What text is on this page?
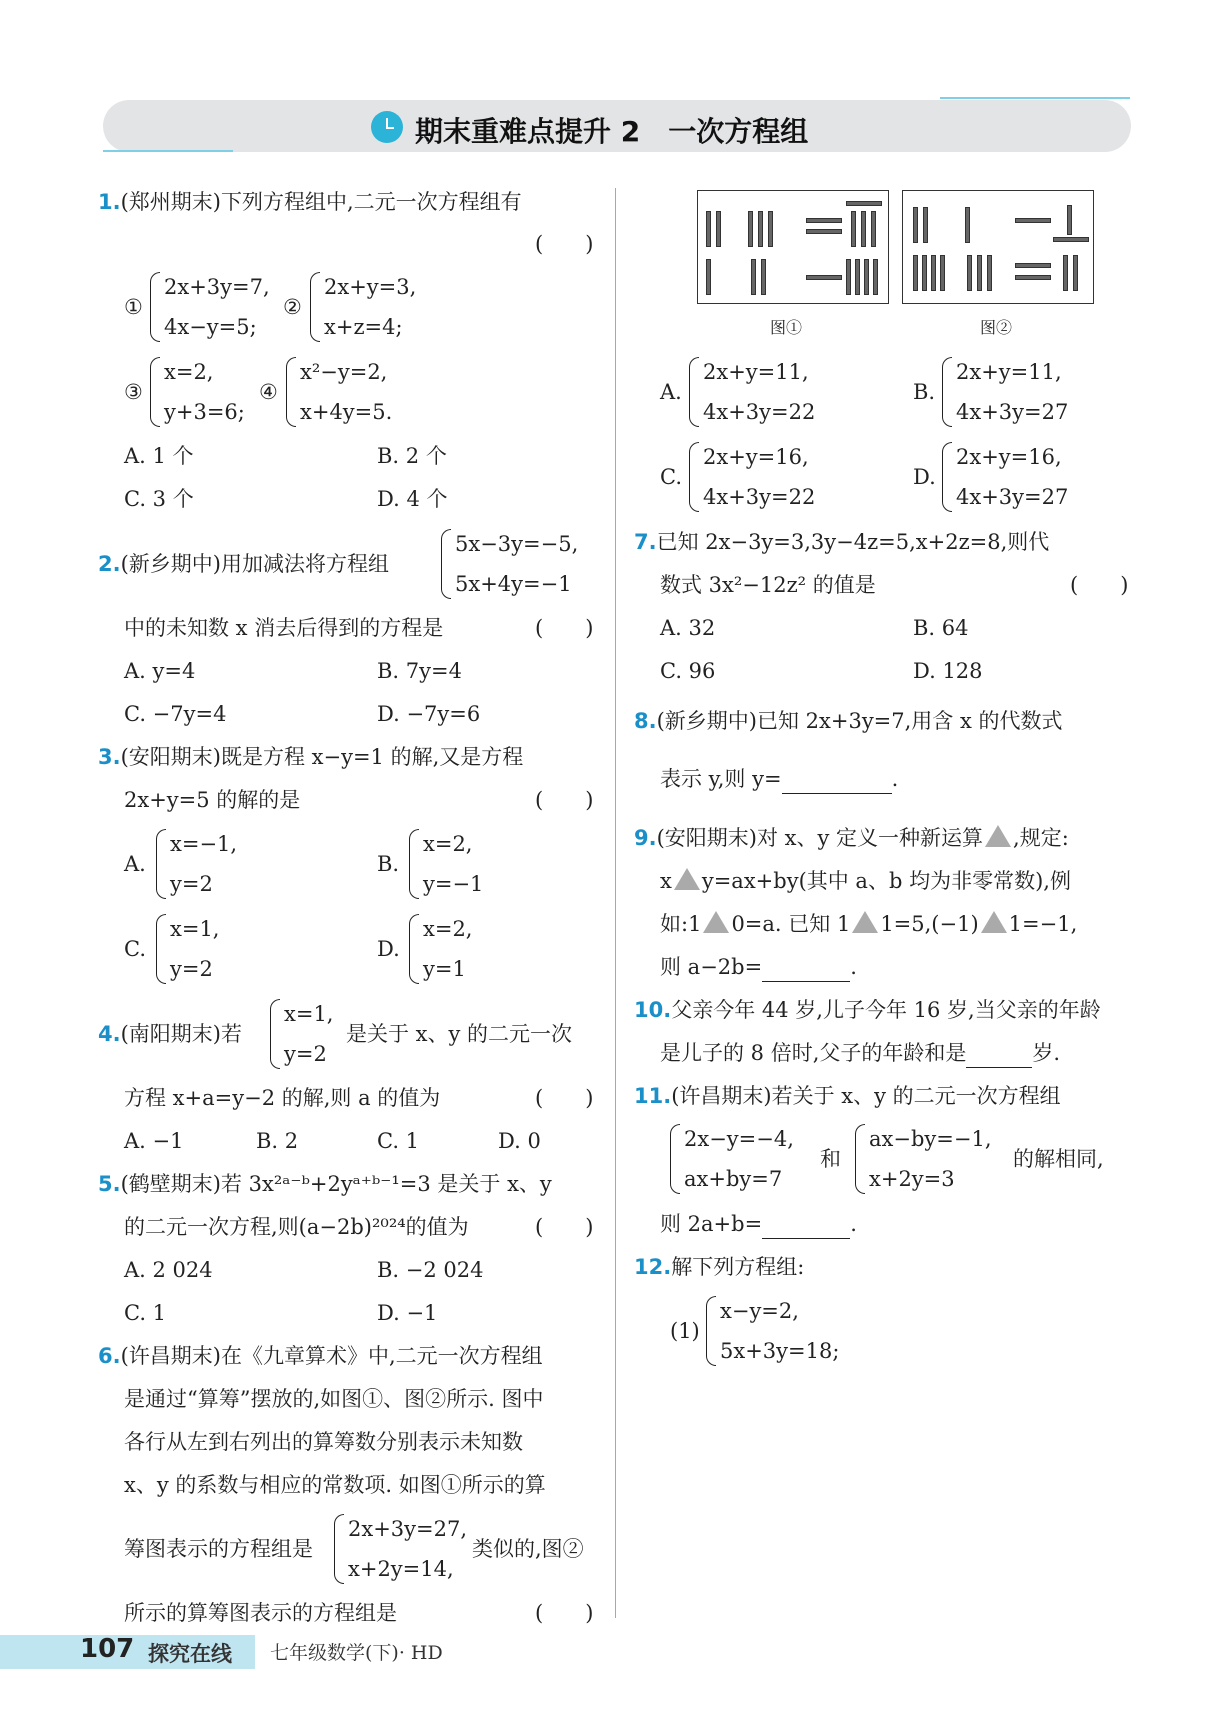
期末重难点提升 2　一次方程组
1.(郑州期末)下列方程组中,二元一次方程组有
(　　)
①
2x+3y=7,
4x−y=5;
②
2x+y=3,
x+z=4;
③
x=2,
y+3=6;
④
x²−y=2,
x+4y=5.
A. 1 个	B. 2 个
C. 3 个	D. 4 个
2.(新乡期中)用加减法将方程组
5x−3y=−5,
5x+4y=−1
中的未知数 x 消去后得到的方程是	(　　)
A. y=4	B. 7y=4
C. −7y=4	D. −7y=6
3.(安阳期末)既是方程 x−y=1 的解,又是方程
2x+y=5 的解的是	(　　)
A.
x=−1,
y=2
B.
x=2,
y=−1
C.
x=1,
y=2
D.
x=2,
y=1
4.(南阳期末)若
x=1,
y=2
是关于 x、y 的二元一次
方程 x+a=y−2 的解,则 a 的值为	(　　)
A. −1	B. 2	C. 1	D. 0
5.(鹤壁期末)若 3x²ᵃ⁻ᵇ+2yᵃ⁺ᵇ⁻¹=3 是关于 x、y
的二元一次方程,则(a−2b)²⁰²⁴的值为	(　　)
A. 2 024	B. −2 024
C. 1	D. −1
6.(许昌期末)在《九章算术》中,二元一次方程组
是通过“算筹”摆放的,如图①、图②所示. 图中
各行从左到右列出的算筹数分别表示未知数
x、y 的系数与相应的常数项. 如图①所示的算
筹图表示的方程组是
2x+3y=27,
x+2y=14,
类似的,图②
所示的算筹图表示的方程组是	(　　)
图①	图②
A.
2x+y=11,
4x+3y=22
B.
2x+y=11,
4x+3y=27
C.
2x+y=16,
4x+3y=22
D.
2x+y=16,
4x+3y=27
7.已知 2x−3y=3,3y−4z=5,x+2z=8,则代
数式 3x²−12z² 的值是	(　　)
A. 32	B. 64
C. 96	D. 128
8.(新乡期中)已知 2x+3y=7,用含 x 的代数式
表示 y,则 y=	.
9.(安阳期末)对 x、y 定义一种新运算 ,规定:
x y=ax+by(其中 a、b 均为非零常数),例
如:1 0=a. 已知 1 1=5,(−1) 1=−1,
则 a−2b=	.
10.父亲今年 44 岁,儿子今年 16 岁,当父亲的年龄
是儿子的 8 倍时,父子的年龄和是	岁.
11.(许昌期末)若关于 x、y 的二元一次方程组
2x−y=−4,
ax+by=7
和
ax−by=−1,
x+2y=3
的解相同,
则 2a+b=	.
12.解下列方程组:
(1)
x−y=2,
5x+3y=18;
107 探究在线 七年级数学(下)· HD
